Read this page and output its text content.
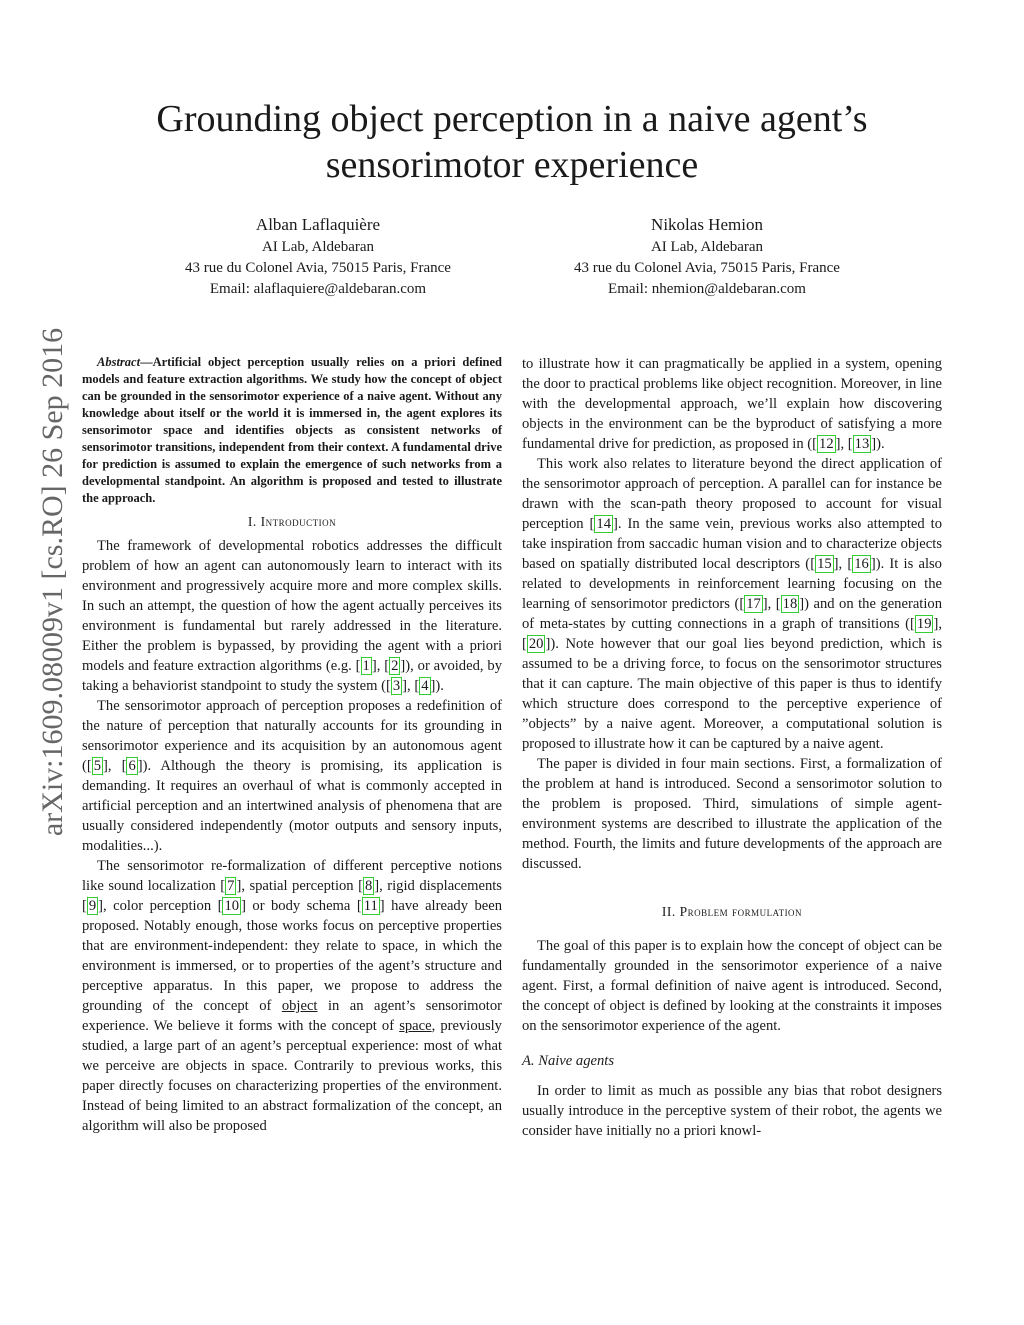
Grounding object perception in a naive agent’s
sensorimotor experience
Alban Laflaquière
AI Lab, Aldebaran
43 rue du Colonel Avia, 75015 Paris, France
Email: alaflaquiere@aldebaran.com
Nikolas Hemion
AI Lab, Aldebaran
43 rue du Colonel Avia, 75015 Paris, France
Email: nhemion@aldebaran.com
arXiv:1609.08009v1 [cs.RO] 26 Sep 2016	Abstract—Artificial object perception usually relies on a priori defined models and feature extraction algorithms. We study how the concept of object can be grounded in the sensorimotor experience of a naive agent. Without any knowledge about itself or the world it is immersed in, the agent explores its sensorimotor space and identifies objects as consistent networks of sensorimotor transitions, independent from their context. A fundamental drive for prediction is assumed to explain the emergence of such networks from a developmental standpoint. An algorithm is proposed and tested to illustrate the approach.

I. Introduction

The framework of developmental robotics addresses the difficult problem of how an agent can autonomously learn to interact with its environment and progressively acquire more and more complex skills. In such an attempt, the question of how the agent actually perceives its environment is fundamental but rarely addressed in the literature. Either the problem is bypassed, by providing the agent with a priori models and feature extraction algorithms (e.g. [ 1 ], [ 2 ]), or avoided, by taking a behaviorist standpoint to study the system ([ 3 ], [ 4 ]).

The sensorimotor approach of perception proposes a redefinition of the nature of perception that naturally accounts for its grounding in sensorimotor experience and its acquisition by an autonomous agent ([ 5 ], [ 6 ]). Although the theory is promising, its application is demanding. It requires an overhaul of what is commonly accepted in artificial perception and an intertwined analysis of phenomena that are usually considered independently (motor outputs and sensory inputs, modalities...).

The sensorimotor re-formalization of different perceptive notions like sound localization [ 7 ], spatial perception [ 8 ], rigid displacements [ 9 ], color perception [ 10 ] or body schema [ 11 ] have already been proposed. Notably enough, those works focus on perceptive properties that are environment-independent: they relate to space, in which the environment is immersed, or to properties of the agent’s structure and perceptive apparatus. In this paper, we propose to address the grounding of the concept of object in an agent’s sensorimotor experience. We believe it forms with the concept of space, previously studied, a large part of an agent’s perceptual experience: most of what we perceive are objects in space. Contrarily to previous works, this paper directly focuses on characterizing properties of the environment. Instead of being limited to an abstract formalization of the concept, an algorithm will also be proposed

to illustrate how it can pragmatically be applied in a system, opening the door to practical problems like object recognition. Moreover, in line with the developmental approach, we’ll explain how discovering objects in the environment can be the byproduct of satisfying a more fundamental drive for prediction, as proposed in ([ 12 ], [ 13 ]).

This work also relates to literature beyond the direct application of the sensorimotor approach of perception. A parallel can for instance be drawn with the scan-path theory proposed to account for visual perception [ 14 ]. In the same vein, previous works also attempted to take inspiration from saccadic human vision and to characterize objects based on spatially distributed local descriptors ([ 15 ], [ 16 ]). It is also related to developments in reinforcement learning focusing on the learning of sensorimotor predictors ([ 17 ], [ 18 ]) and on the generation of meta-states by cutting connections in a graph of transitions ([ 19 ], [ 20 ]). Note however that our goal lies beyond prediction, which is assumed to be a driving force, to focus on the sensorimotor structures that it can capture. The main objective of this paper is thus to identify which structure does correspond to the perceptive experience of ”objects” by a naive agent. Moreover, a computational solution is proposed to illustrate how it can be captured by a naive agent.

The paper is divided in four main sections. First, a formalization of the problem at hand is introduced. Second a sensorimotor solution to the problem is proposed. Third, simulations of simple agent-environment systems are described to illustrate the application of the method. Fourth, the limits and future developments of the approach are discussed.

II. Problem formulation

The goal of this paper is to explain how the concept of object can be fundamentally grounded in the sensorimotor experience of a naive agent. First, a formal definition of naive agent is introduced. Second, the concept of object is defined by looking at the constraints it imposes on the sensorimotor experience of the agent.

A. Naive agents

In order to limit as much as possible any bias that robot designers usually introduce in the perceptive system of their robot, the agents we consider have initially no a priori knowl-
